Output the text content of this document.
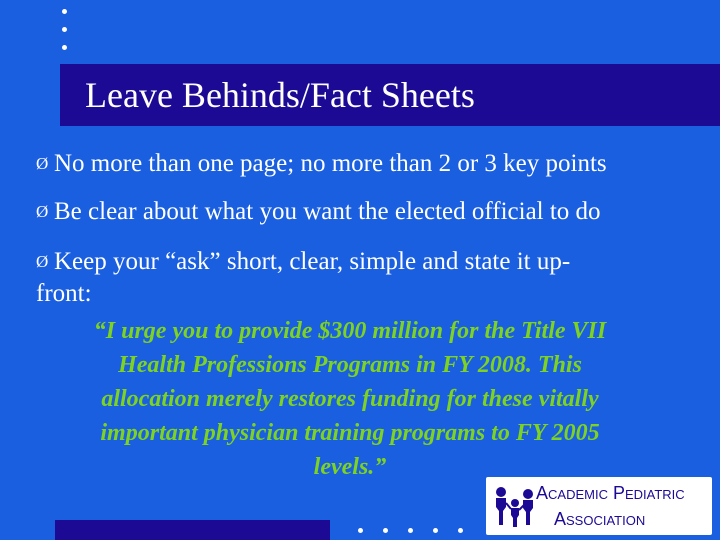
Leave Behinds/Fact Sheets
Ø No more than one page; no more than 2 or 3 key points
Ø Be clear about what you want the elected official to do
Ø Keep your “ask” short, clear, simple and state it up-
front:
“I urge you to provide $300 million for the Title VII
Health Professions Programs in FY 2008. This
allocation merely restores funding for these vitally
important physician training programs to FY 2005
levels.”
Academic Pediatric
Association
